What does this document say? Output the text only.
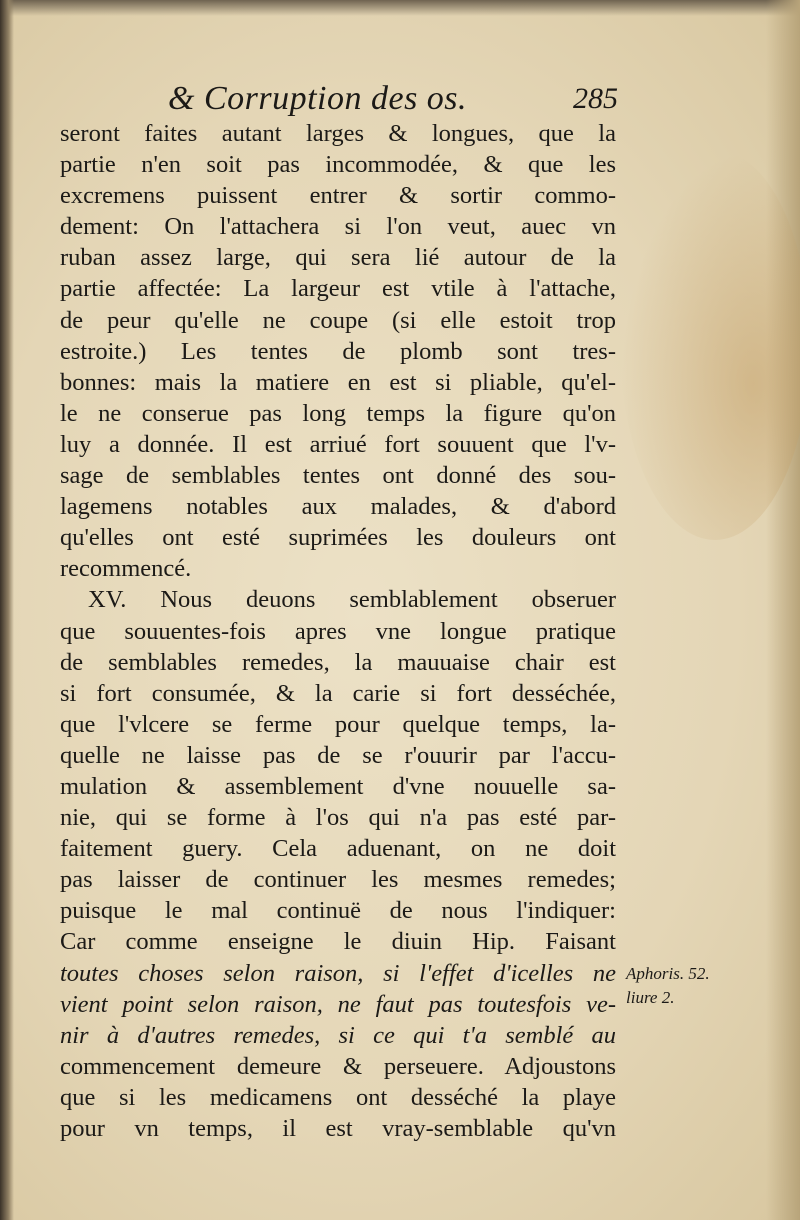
& Corruption des os.	285
seront faites autant larges & longues, que la
partie n'en soit pas incommodée, & que les
excremens puissent entrer & sortir commo-
dement: On l'attachera si l'on veut, auec vn
ruban assez large, qui sera lié autour de la
partie affectée: La largeur est vtile à l'attache,
de peur qu'elle ne coupe (si elle estoit trop
estroite.) Les tentes de plomb sont tres-
bonnes: mais la matiere en est si pliable, qu'el-
le ne conserue pas long temps la figure qu'on
luy a donnée. Il est arriué fort souuent que l'v-
sage de semblables tentes ont donné des sou-
lagemens notables aux malades, & d'abord
qu'elles ont esté suprimées les douleurs ont
recommencé.
XV. Nous deuons semblablement obseruer
que souuentes-fois apres vne longue pratique
de semblables remedes, la mauuaise chair est
si fort consumée, & la carie si fort desséchée,
que l'vlcere se ferme pour quelque temps, la-
quelle ne laisse pas de se r'ouurir par l'accu-
mulation & assemblement d'vne nouuelle sa-
nie, qui se forme à l'os qui n'a pas esté par-
faitement guery. Cela aduenant, on ne doit
pas laisser de continuer les mesmes remedes;
puisque le mal continuë de nous l'indiquer:
Car comme enseigne le diuin Hip. Faisant
toutes choses selon raison, si l'effet d'icelles ne
vient point selon raison, ne faut pas toutesfois ve-
nir à d'autres remedes, si ce qui t'a semblé au
commencement demeure & perseuere. Adjoustons
que si les medicamens ont desséché la playe
pour vn temps, il est vray-semblable qu'vn
Aphoris. 52.
liure 2.
